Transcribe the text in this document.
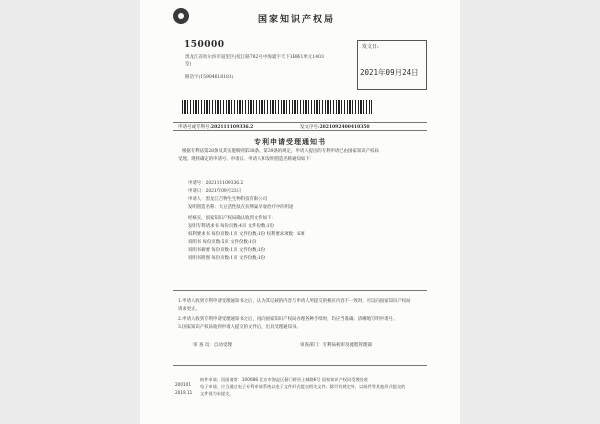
国家知识产权局
150000
黑龙江省哈尔滨市道里区(抚江路782号中海寰宇天下1B栋1单元1403
室)
路浩宇(15904618181)
发文日:
2021年09月24日
申请号或专利号:202111109336.2	发文序号:2021092400410350
专利申请受理通知书
根据专利法第28条及其实施细则第38条、第39条的规定，申请人提出的专利申请已由国家知识产权局
受理。现将确定的申请号、申请日、申请人和发明创造名称通知如下：
申请号：202111109336.2
申请日：2021年09月23日
申请人：黑龙江吉物生生物科技有限公司
发明创造名称：大豆活性肽在抗卵巢早衰治疗中的用途
经核实，国家知识产权局确认收到文件如下：
发明专利请求书 每份页数:4页 文件份数:1份
权利要求书 每份页数:1页 文件份数:1份 权利要求项数：6项
说明书 每份页数:5页 文件份数:1份
说明书摘要 每份页数:1页 文件份数:1份
说明书附图 每份页数:1页 文件份数:1份
1.申请人收到专利申请受理通知书之后，认为其记载的内容与申请人所提交的相应内容不一致时，可以向国家知识产权局
请求更正。
2.申请人收到专利申请受理通知书之后，再向国家知识产权局办理各种手续时，均应当准确、清晰地写明申请号。
3.国家知识产权局收到申请人提交的文件后，出具受理通知书。
审 查 员：自动受理	审查部门：专利局初审及流程管理部
200101
2019.11
纸件申请，回函请寄：100088 北京市海淀区蓟门桥西土城路6号 国家知识产权局受理处收
电子申请，应当通过电子专利申请系统以电子文件形式提交相关文件。除另有规定外，以纸件等其他形式提交的
文件视为未提交。
